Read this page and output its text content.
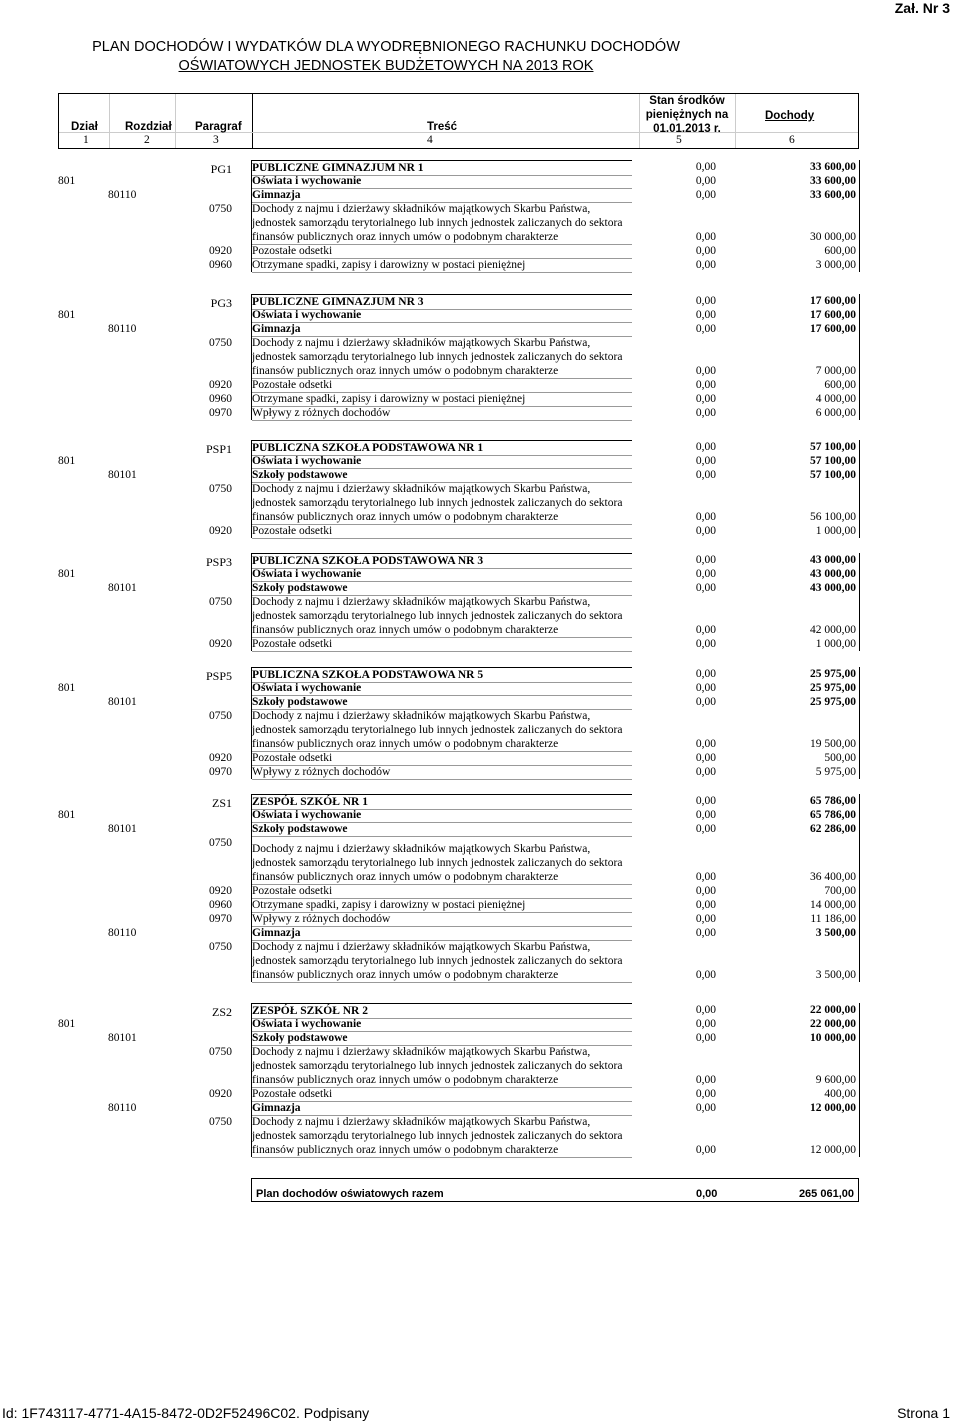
Zał. Nr 3
PLAN DOCHODÓW I WYDATKÓW DLA WYODRĘBNIONEGO RACHUNKU DOCHODÓW
OŚWIATOWYCH JEDNOSTEK BUDŻETOWYCH NA 2013 ROK
Dział Rozdział Paragraf	Treść
Stan środków
pieniężnych na
01.01.2013 r.
Dochody
1	2	3	4	5	6
PG1 PUBLICZNE GIMNAZJUM NR 1	0,00	33 600,00
801	Oświata i wychowanie	0,00	33 600,00
80110	Gimnazja	0,00	33 600,00
0750 Dochody z najmu i dzierżawy składników majątkowych Skarbu Państwa, jednostek samorządu terytorialnego lub innych jednostek zaliczanych do sektora finansów publicznych oraz innych umów o podobnym charakterze	0,00	30 000,00
0920 Pozostałe odsetki	0,00	600,00
0960 Otrzymane spadki, zapisy i darowizny w postaci pieniężnej	0,00	3 000,00
PG3 PUBLICZNE GIMNAZJUM NR 3	0,00	17 600,00
801	Oświata i wychowanie	0,00	17 600,00
80110	Gimnazja	0,00	17 600,00
0750 Dochody z najmu i dzierżawy składników majątkowych Skarbu Państwa, jednostek samorządu terytorialnego lub innych jednostek zaliczanych do sektora finansów publicznych oraz innych umów o podobnym charakterze	0,00	7 000,00
0920 Pozostałe odsetki	0,00	600,00
0960 Otrzymane spadki, zapisy i darowizny w postaci pieniężnej	0,00	4 000,00
0970 Wpływy z różnych dochodów	0,00	6 000,00
PSP1 PUBLICZNA SZKOŁA PODSTAWOWA NR 1	0,00	57 100,00
801	Oświata i wychowanie	0,00	57 100,00
80101	Szkoły podstawowe	0,00	57 100,00
0750 Dochody z najmu i dzierżawy składników majątkowych Skarbu Państwa, jednostek samorządu terytorialnego lub innych jednostek zaliczanych do sektora finansów publicznych oraz innych umów o podobnym charakterze	0,00	56 100,00
0920 Pozostałe odsetki	0,00	1 000,00
PSP3 PUBLICZNA SZKOŁA PODSTAWOWA NR 3	0,00	43 000,00
801	Oświata i wychowanie	0,00	43 000,00
80101	Szkoły podstawowe	0,00	43 000,00
0750 Dochody z najmu i dzierżawy składników majątkowych Skarbu Państwa, jednostek samorządu terytorialnego lub innych jednostek zaliczanych do sektora finansów publicznych oraz innych umów o podobnym charakterze	0,00	42 000,00
0920 Pozostałe odsetki	0,00	1 000,00
PSP5 PUBLICZNA SZKOŁA PODSTAWOWA NR 5	0,00	25 975,00
801	Oświata i wychowanie	0,00	25 975,00
80101	Szkoły podstawowe	0,00	25 975,00
0750 Dochody z najmu i dzierżawy składników majątkowych Skarbu Państwa, jednostek samorządu terytorialnego lub innych jednostek zaliczanych do sektora finansów publicznych oraz innych umów o podobnym charakterze	0,00	19 500,00
0920 Pozostałe odsetki	0,00	500,00
0970 Wpływy z różnych dochodów	0,00	5 975,00
ZS1 ZESPÓŁ SZKÓŁ NR 1	0,00	65 786,00
801	Oświata i wychowanie	0,00	65 786,00
80101	Szkoły podstawowe	0,00	62 286,00
0750 Dochody z najmu i dzierżawy składników majątkowych Skarbu Państwa, jednostek samorządu terytorialnego lub innych jednostek zaliczanych do sektora finansów publicznych oraz innych umów o podobnym charakterze	0,00	36 400,00
0920 Pozostałe odsetki	0,00	700,00
0960 Otrzymane spadki, zapisy i darowizny w postaci pieniężnej	0,00	14 000,00
0970 Wpływy z różnych dochodów	0,00	11 186,00
80110	Gimnazja	0,00	3 500,00
0750 Dochody z najmu i dzierżawy składników majątkowych Skarbu Państwa, jednostek samorządu terytorialnego lub innych jednostek zaliczanych do sektora finansów publicznych oraz innych umów o podobnym charakterze	0,00	3 500,00
ZS2 ZESPÓŁ SZKÓŁ NR 2	0,00	22 000,00
801	Oświata i wychowanie	0,00	22 000,00
80101	Szkoły podstawowe	0,00	10 000,00
0750 Dochody z najmu i dzierżawy składników majątkowych Skarbu Państwa, jednostek samorządu terytorialnego lub innych jednostek zaliczanych do sektora finansów publicznych oraz innych umów o podobnym charakterze	0,00	9 600,00
0920 Pozostałe odsetki	0,00	400,00
80110	Gimnazja	0,00	12 000,00
0750 Dochody z najmu i dzierżawy składników majątkowych Skarbu Państwa, jednostek samorządu terytorialnego lub innych jednostek zaliczanych do sektora finansów publicznych oraz innych umów o podobnym charakterze	0,00	12 000,00
Plan dochodów oświatowych razem	0,00	265 061,00
Id: 1F743117-4771-4A15-8472-0D2F52496C02. Podpisany	Strona 1
